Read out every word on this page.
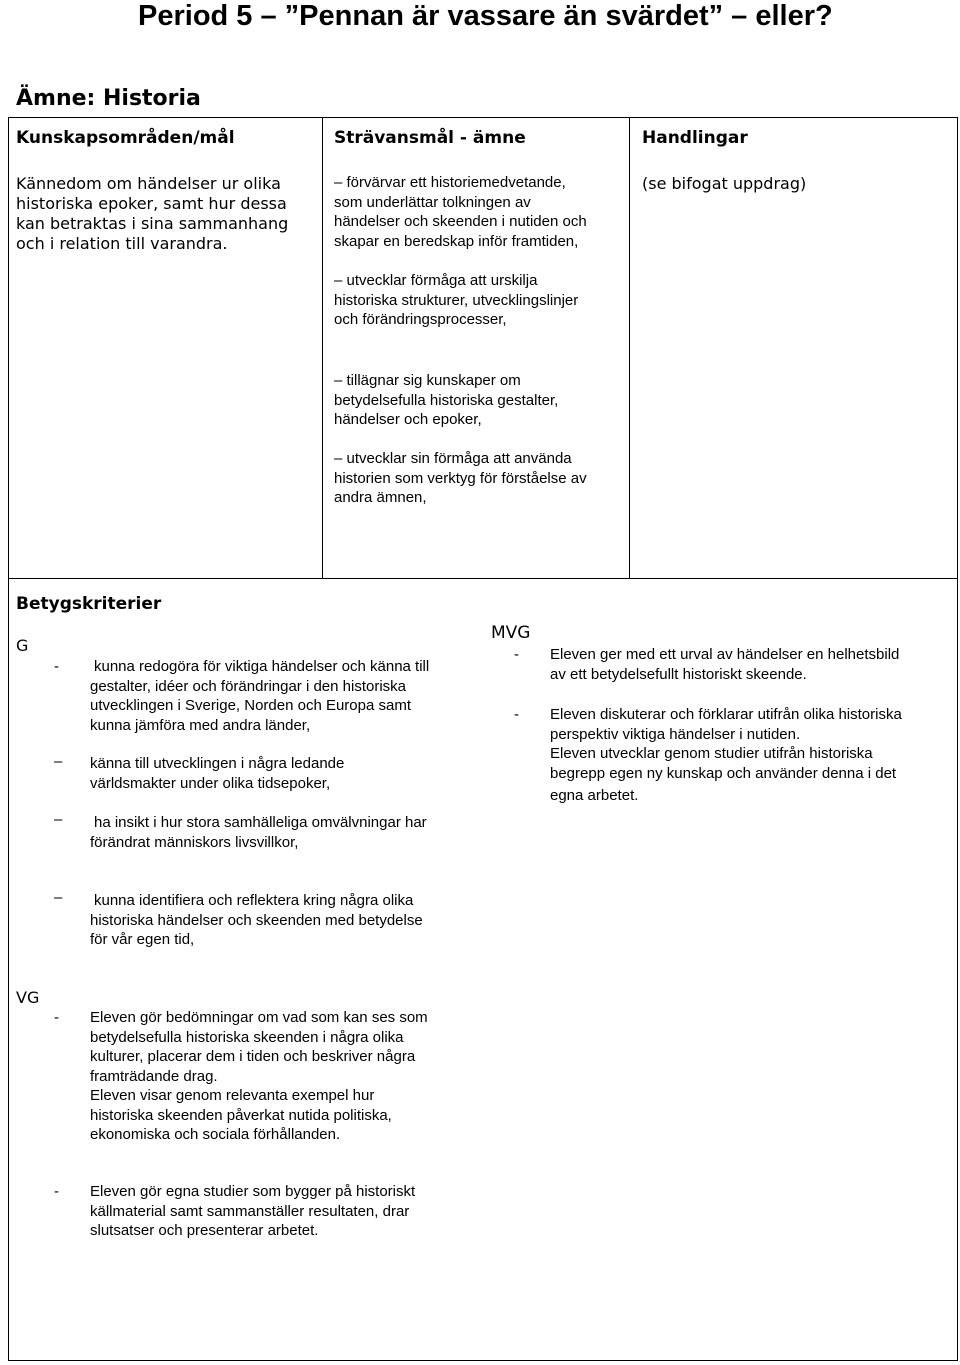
Period 5 – ”Pennan är vassare än svärdet” – eller?
Ämne: Historia
Kunskapsområden/mål
Kännedom om händelser ur olika
historiska epoker, samt hur dessa
kan betraktas i sina sammanhang
och i relation till varandra.
Strävansmål - ämne
– förvärvar ett historiemedvetande,
som underlättar tolkningen av
händelser och skeenden i nutiden och
skapar en beredskap inför framtiden,
– utvecklar förmåga att urskilja
historiska strukturer, utvecklingslinjer
och förändringsprocesser,
– tillägnar sig kunskaper om
betydelsefulla historiska gestalter,
händelser och epoker,
– utvecklar sin förmåga att använda
historien som verktyg för förståelse av
andra ämnen,
Handlingar
(se bifogat uppdrag)
Betygskriterier
G
- kunna redogöra för viktiga händelser och känna till
gestalter, idéer och förändringar i den historiska
utvecklingen i Sverige, Norden och Europa samt
kunna jämföra med andra länder,
– känna till utvecklingen i några ledande
världsmakter under olika tidsepoker,
– ha insikt i hur stora samhälleliga omvälvningar har
förändrat människors livsvillkor,
– kunna identifiera och reflektera kring några olika
historiska händelser och skeenden med betydelse
för vår egen tid,
MVG
- Eleven ger med ett urval av händelser en helhetsbild
av ett betydelsefullt historiskt skeende.
- Eleven diskuterar och förklarar utifrån olika historiska
perspektiv viktiga händelser i nutiden.
Eleven utvecklar genom studier utifrån historiska
begrepp egen ny kunskap och använder denna i det
egna arbetet.
VG
- Eleven gör bedömningar om vad som kan ses som
betydelsefulla historiska skeenden i några olika
kulturer, placerar dem i tiden och beskriver några
framträdande drag.
Eleven visar genom relevanta exempel hur
historiska skeenden påverkat nutida politiska,
ekonomiska och sociala förhållanden.
- Eleven gör egna studier som bygger på historiskt
källmaterial samt sammanställer resultaten, drar
slutsatser och presenterar arbetet.
